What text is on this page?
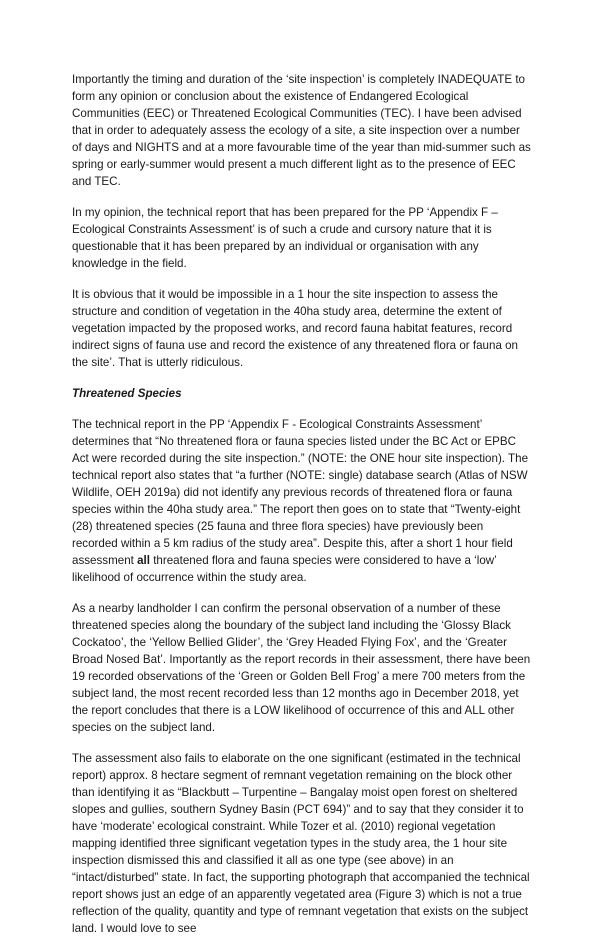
Importantly the timing and duration of the ‘site inspection’ is completely INADEQUATE to form any opinion or conclusion about the existence of Endangered Ecological Communities (EEC) or Threatened Ecological Communities (TEC). I have been advised that in order to adequately assess the ecology of a site, a site inspection over a number of days and NIGHTS and at a more favourable time of the year than mid-summer such as spring or early-summer would present a much different light as to the presence of EEC and TEC.

In my opinion, the technical report that has been prepared for the PP ‘Appendix F – Ecological Constraints Assessment’ is of such a crude and cursory nature that it is questionable that it has been prepared by an individual or organisation with any knowledge in the field.

It is obvious that it would be impossible in a 1 hour the site inspection to assess the structure and condition of vegetation in the 40ha study area, determine the extent of vegetation impacted by the proposed works, and record fauna habitat features, record indirect signs of fauna use and record the existence of any threatened flora or fauna on the site’. That is utterly ridiculous.

Threatened Species

The technical report in the PP ‘Appendix F - Ecological Constraints Assessment’ determines that “No threatened flora or fauna species listed under the BC Act or EPBC Act were recorded during the site inspection.” (NOTE: the ONE hour site inspection). The technical report also states that “a further (NOTE: single) database search (Atlas of NSW Wildlife, OEH 2019a) did not identify any previous records of threatened flora or fauna species within the 40ha study area.” The report then goes on to state that “Twenty-eight (28) threatened species (25 fauna and three flora species) have previously been recorded within a 5 km radius of the study area”. Despite this, after a short 1 hour field assessment all threatened flora and fauna species were considered to have a ‘low’ likelihood of occurrence within the study area.

As a nearby landholder I can confirm the personal observation of a number of these threatened species along the boundary of the subject land including the ‘Glossy Black Cockatoo’, the ‘Yellow Bellied Glider’, the ‘Grey Headed Flying Fox’, and the ‘Greater Broad Nosed Bat’. Importantly as the report records in their assessment, there have been 19 recorded observations of the ‘Green or Golden Bell Frog’ a mere 700 meters from the subject land, the most recent recorded less than 12 months ago in December 2018, yet the report concludes that there is a LOW likelihood of occurrence of this and ALL other species on the subject land.

The assessment also fails to elaborate on the one significant (estimated in the technical report) approx. 8 hectare segment of remnant vegetation remaining on the block other than identifying it as “Blackbutt – Turpentine – Bangalay moist open forest on sheltered slopes and gullies, southern Sydney Basin (PCT 694)” and to say that they consider it to have ‘moderate’ ecological constraint. While Tozer et al. (2010) regional vegetation mapping identified three significant vegetation types in the study area, the 1 hour site inspection dismissed this and classified it all as one type (see above) in an “intact/disturbed” state. In fact, the supporting photograph that accompanied the technical report shows just an edge of an apparently vegetated area (Figure 3) which is not a true reflection of the quality, quantity and type of remnant vegetation that exists on the subject land. I would love to see
